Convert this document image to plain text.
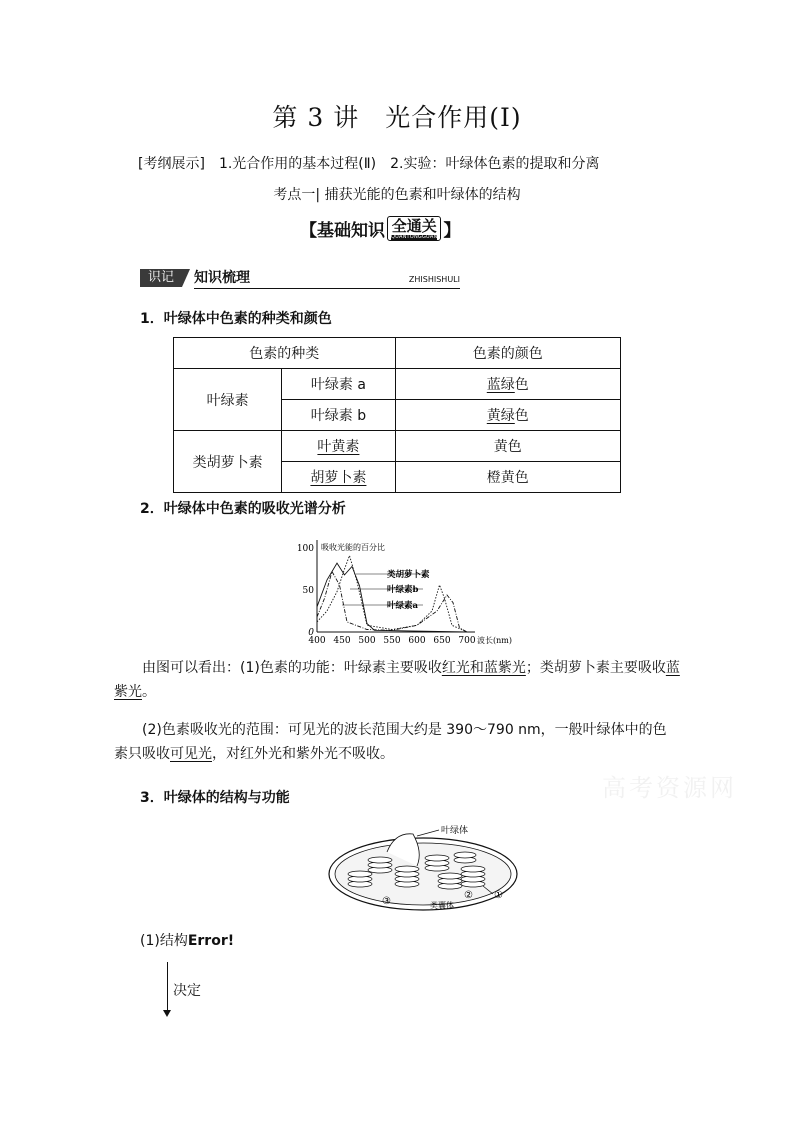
第 3 讲　光合作用(Ⅰ)
[考纲展示] 1.光合作用的基本过程(Ⅱ)　2.实验：叶绿体色素的提取和分离
考点一| 捕获光能的色素和叶绿体的结构
【基础知识 全通关
QUANTONGGUAN 】
识记	知识梳理	ZHISHISHULI
1．叶绿体中色素的种类和颜色
色素的种类		色素的颜色
叶绿素	叶绿素 a	蓝绿色
	叶绿素 b	黄绿色
类胡萝卜素	叶黄素	黄色
	胡萝卜素	橙黄色
2．叶绿体中色素的吸收光谱分析
400 450 500 550 600 650 700
0
50
100 吸收光能的百分比
波长(nm)
类胡萝卜素
叶绿素b
叶绿素a
由图可以看出：(1)色素的功能：叶绿素主要吸收红光和蓝紫光；类胡萝卜素主要吸收蓝紫光。
(2)色素吸收光的范围：可见光的波长范围大约是 390～790 nm，一般叶绿体中的色素只吸收可见光，对红外光和紫外光不吸收。
高考资源网
3．叶绿体的结构与功能
叶绿体
①
②
③	类囊体
(1)结构Error!
决定
